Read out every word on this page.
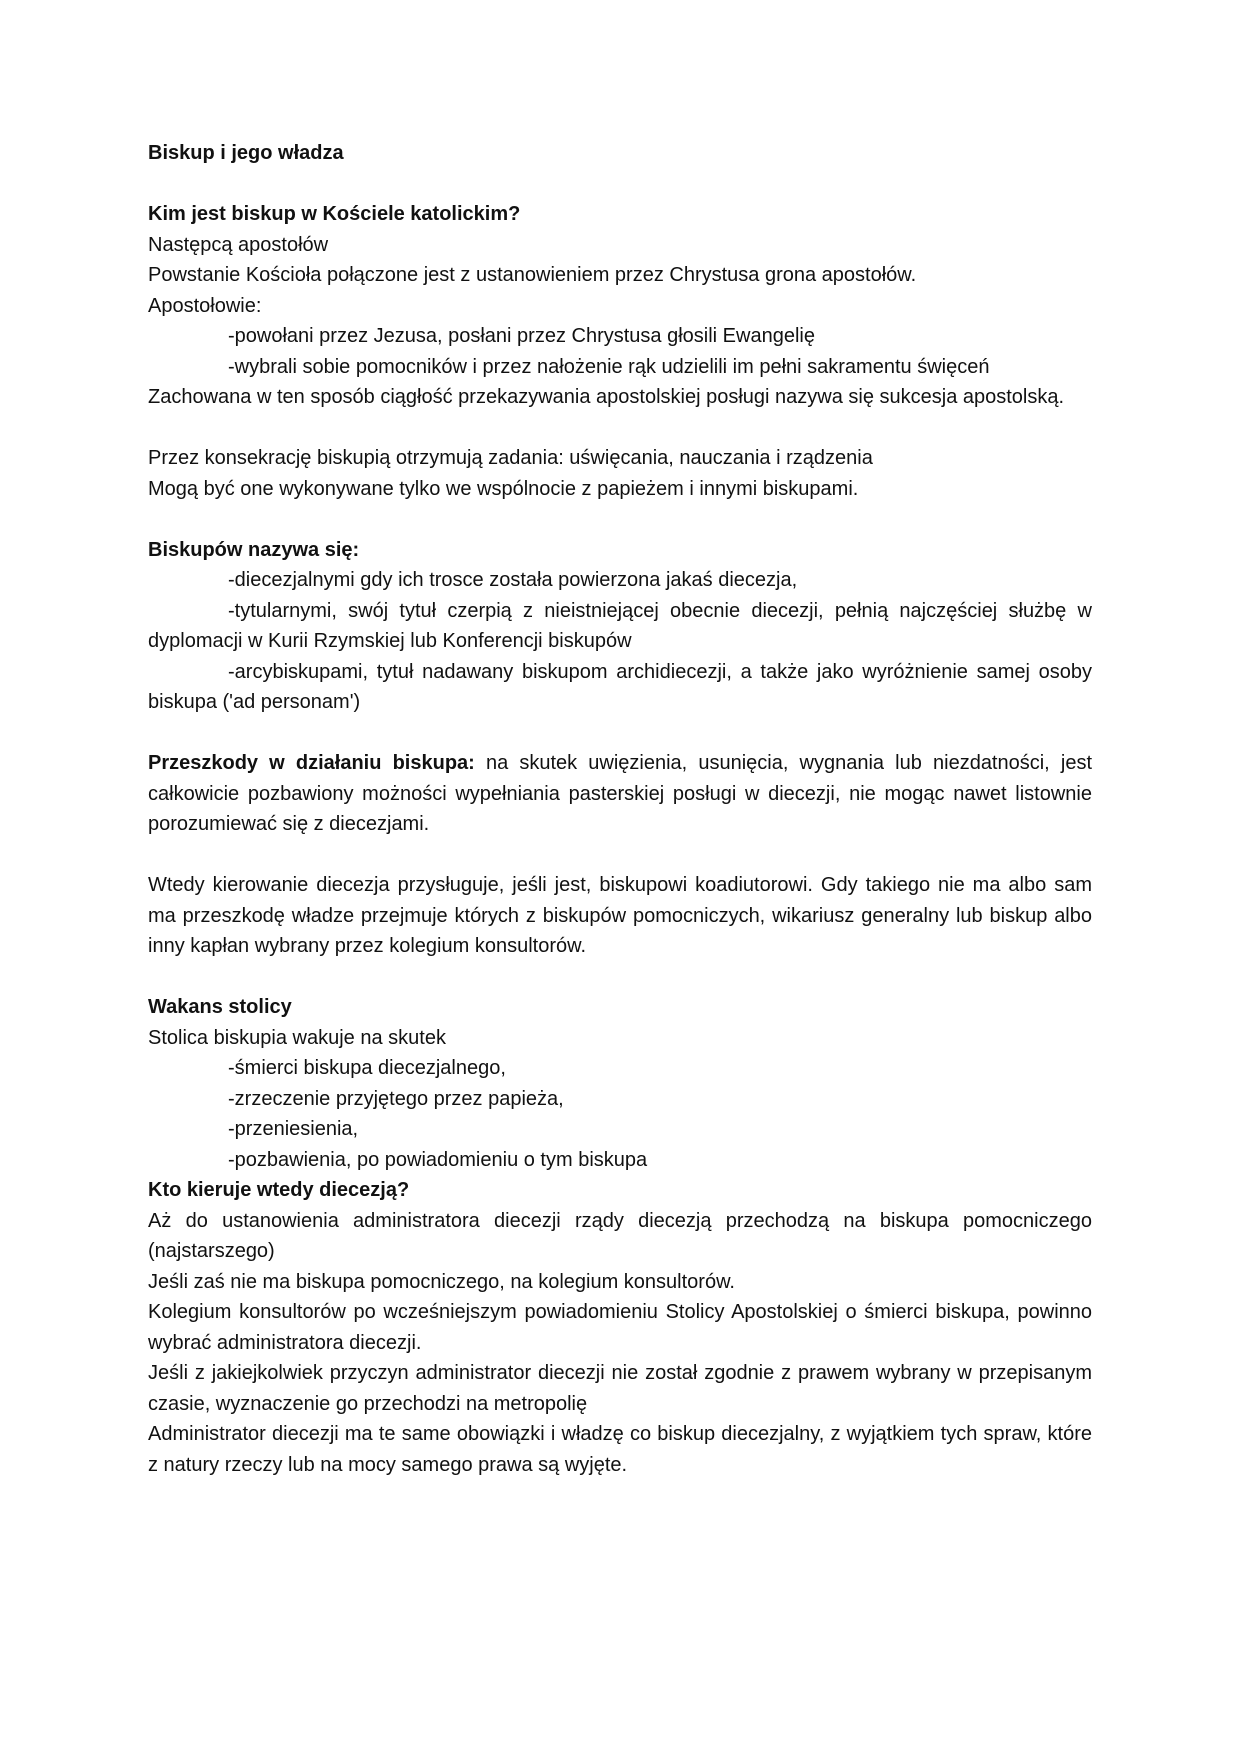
Biskup i jego władza

Kim jest biskup w Kościele katolickim?

Następcą apostołów

Powstanie Kościoła połączone jest z ustanowieniem przez Chrystusa grona apostołów.

Apostołowie:

-powołani przez Jezusa, posłani przez Chrystusa głosili Ewangelię

-wybrali sobie pomocników i przez nałożenie rąk udzielili im pełni sakramentu święceń

Zachowana w ten sposób ciągłość przekazywania apostolskiej posługi nazywa się sukcesja apostolską.

Przez konsekrację biskupią otrzymują zadania: uświęcania, nauczania i rządzenia

Mogą być one wykonywane tylko we wspólnocie z papieżem i innymi biskupami.

Biskupów nazywa się:

-diecezjalnymi gdy ich trosce została powierzona jakaś diecezja,

-tytularnymi, swój tytuł czerpią z nieistniejącej obecnie diecezji, pełnią najczęściej służbę w dyplomacji w Kurii Rzymskiej lub Konferencji biskupów

-arcybiskupami, tytuł nadawany biskupom archidiecezji, a także jako wyróżnienie samej osoby biskupa ('ad personam')

Przeszkody w działaniu biskupa: na skutek uwięzienia, usunięcia, wygnania lub niezdatności, jest całkowicie pozbawiony możności wypełniania pasterskiej posługi w diecezji, nie mogąc nawet listownie porozumiewać się z diecezjami.

Wtedy kierowanie diecezja przysługuje, jeśli jest, biskupowi koadiutorowi. Gdy takiego nie ma albo sam ma przeszkodę władze przejmuje których z biskupów pomocniczych, wikariusz generalny lub biskup albo inny kapłan wybrany przez kolegium konsultorów.

Wakans stolicy

Stolica biskupia wakuje na skutek

-śmierci biskupa diecezjalnego,

-zrzeczenie przyjętego przez papieża,

-przeniesienia,

-pozbawienia, po powiadomieniu o tym biskupa

Kto kieruje wtedy diecezją?

Aż do ustanowienia administratora diecezji rządy diecezją przechodzą na biskupa pomocniczego (najstarszego)

Jeśli zaś nie ma biskupa pomocniczego, na kolegium konsultorów.

Kolegium konsultorów po wcześniejszym powiadomieniu Stolicy Apostolskiej o śmierci biskupa, powinno wybrać administratora diecezji.

Jeśli z jakiejkolwiek przyczyn administrator diecezji nie został zgodnie z prawem wybrany w przepisanym czasie, wyznaczenie go przechodzi na metropolię

Administrator diecezji ma te same obowiązki i władzę co biskup diecezjalny, z wyjątkiem tych spraw, które z natury rzeczy lub na mocy samego prawa są wyjęte.
